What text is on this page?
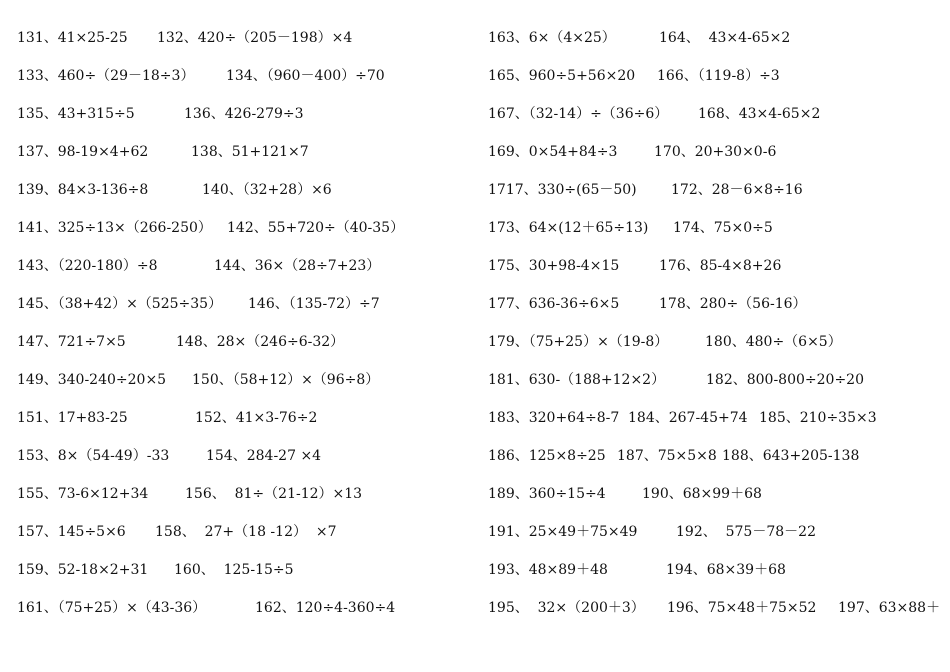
131、41×25-25 132、420÷（205－198）×4
133、460÷（29－18÷3） 134、（960－400）÷70
135、43+315÷5	136、426-279÷3
137、98-19×4+62	138、51+121×7
139、84×3-136÷8	140、（32+28）×6
141、325÷13×（266-250） 142、55+720÷（40-35）
143、（220-180）÷8	144、36×（28÷7+23）
145、（38+42）×（525÷35） 146、（135-72）÷7
147、721÷7×5	148、28×（246÷6-32）
149、340-240÷20×5 150、（58+12）×（96÷8）
151、17+83-25	152、41×3-76÷2
153、8×（54-49）-33	154、284-27 ×4
155、73-6×12+34	156、  81÷（21-12）×13
157、145÷5×6 158、  27+（18 -12）  ×7
159、52-18×2+31 160、  125-15÷5
161、（75+25）×（43-36）	162、120÷4-360÷4
163、6×（4×25）	164、  43×4-65×2
165、960÷5+56×20 166、（119-8）÷3
167、（32-14）÷（36÷6） 168、43×4-65×2
169、0×54+84÷3	170、20+30×0-6
1717、330÷(65－50) 172、28－6×8÷16
173、64×(12＋65÷13) 174、75×0÷5
175、30+98-4×15	176、85-4×8+26
177、636-36÷6×5	178、280÷（56-16）
179、（75+25）×（19-8）	180、480÷（6×5）
181、630-（188+12×2）	182、800-800÷20÷20
183、320+64÷8-7 184、267-45+74 185、210÷35×3
186、125×8÷25 187、75×5×8 188、643+205-138
189、360÷15÷4	190、68×99＋68
191、25×49＋75×49	192、  575－78－22
193、48×89＋48	194、68×39＋68
195、  32×（200＋3） 196、75×48＋75×52 197、63×88＋
